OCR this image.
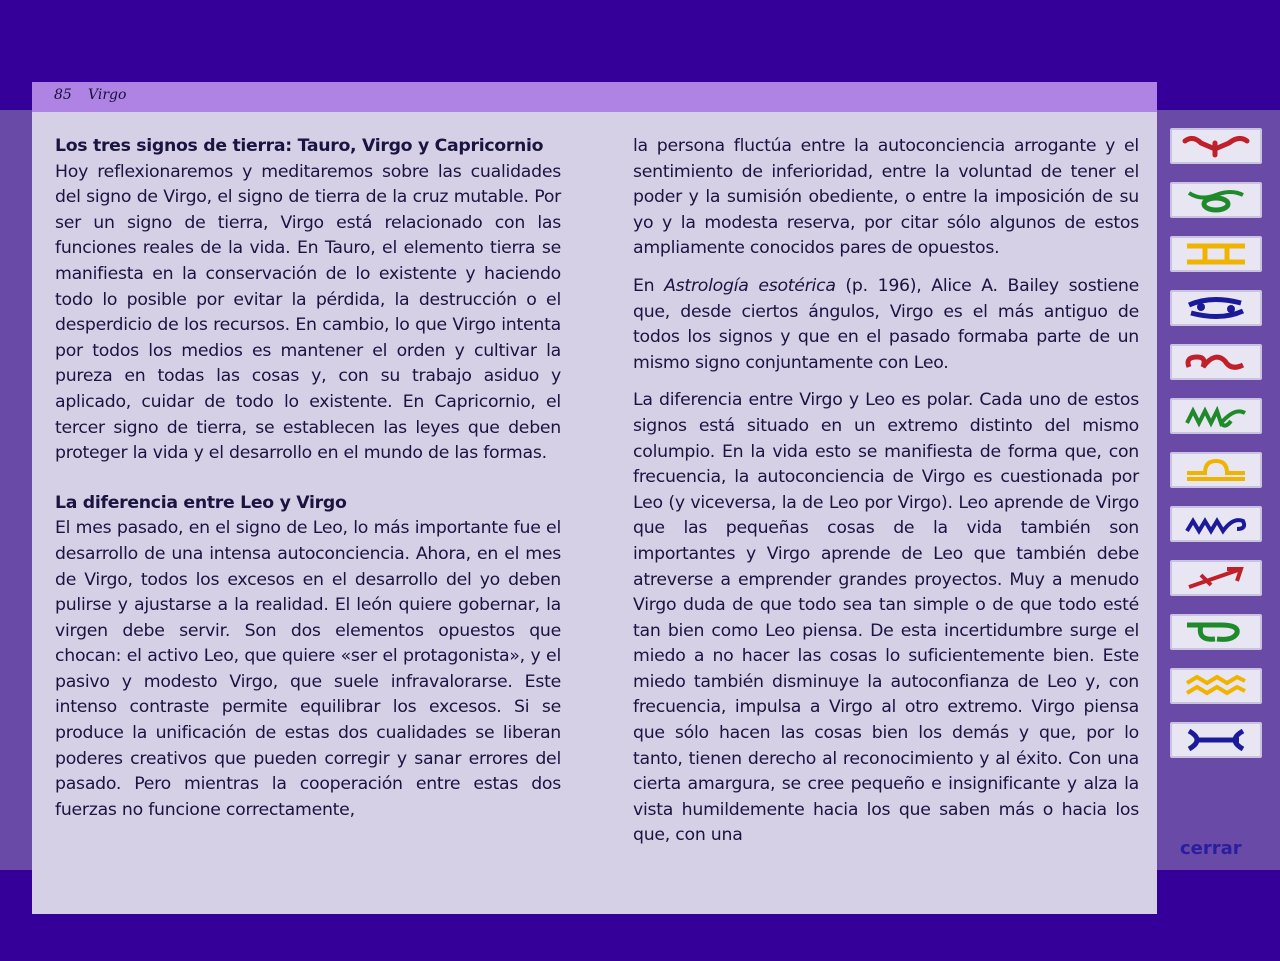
85 Virgo
Los tres signos de tierra: Tauro, Virgo y Capricornio

Hoy reflexionaremos y meditaremos sobre las cualidades del signo de Virgo, el signo de tierra de la cruz mutable. Por ser un signo de tierra, Virgo está relacionado con las funciones reales de la vida. En Tauro, el elemento tierra se manifiesta en la conservación de lo existente y haciendo todo lo posible por evitar la pérdida, la destrucción o el desperdicio de los recursos. En cambio, lo que Virgo intenta por todos los medios es mantener el orden y cultivar la pureza en todas las cosas y, con su trabajo asiduo y aplicado, cuidar de todo lo existente. En Capricornio, el tercer signo de tierra, se establecen las leyes que deben proteger la vida y el desarrollo en el mundo de las formas.

La diferencia entre Leo y Virgo

El mes pasado, en el signo de Leo, lo más importante fue el desarrollo de una intensa autoconciencia. Ahora, en el mes de Virgo, todos los excesos en el desarrollo del yo deben pulirse y ajustarse a la realidad. El león quiere gobernar, la virgen debe servir. Son dos elementos opuestos que chocan: el activo Leo, que quiere «ser el protagonista», y el pasivo y modesto Virgo, que suele infravalorarse. Este intenso contraste permite equilibrar los excesos. Si se produce la unificación de estas dos cualidades se liberan poderes creativos que pueden corregir y sanar errores del pasado. Pero mientras la cooperación entre estas dos fuerzas no funcione correctamente,

la persona fluctúa entre la autoconciencia arrogante y el sentimiento de inferioridad, entre la voluntad de tener el poder y la sumisión obediente, o entre la imposición de su yo y la modesta reserva, por citar sólo algunos de estos ampliamente conocidos pares de opuestos.

En Astrología esotérica (p. 196), Alice A. Bailey sostiene que, desde ciertos ángulos, Virgo es el más antiguo de todos los signos y que en el pasado formaba parte de un mismo signo conjuntamente con Leo.

La diferencia entre Virgo y Leo es polar. Cada uno de estos signos está situado en un extremo distinto del mismo columpio. En la vida esto se manifiesta de forma que, con frecuencia, la autoconciencia de Virgo es cuestionada por Leo (y viceversa, la de Leo por Virgo). Leo aprende de Virgo que las pequeñas cosas de la vida también son importantes y Virgo aprende de Leo que también debe atreverse a emprender grandes proyectos. Muy a menudo Virgo duda de que todo sea tan simple o de que todo esté tan bien como Leo piensa. De esta incertidumbre surge el miedo a no hacer las cosas lo suficientemente bien. Este miedo también disminuye la autoconfianza de Leo y, con frecuencia, impulsa a Virgo al otro extremo. Virgo piensa que sólo hacen las cosas bien los demás y que, por lo tanto, tienen derecho al reconocimiento y al éxito. Con una cierta amargura, se cree pequeño e insignificante y alza la vista humildemente hacia los que saben más o hacia los que, con una

cerrar
